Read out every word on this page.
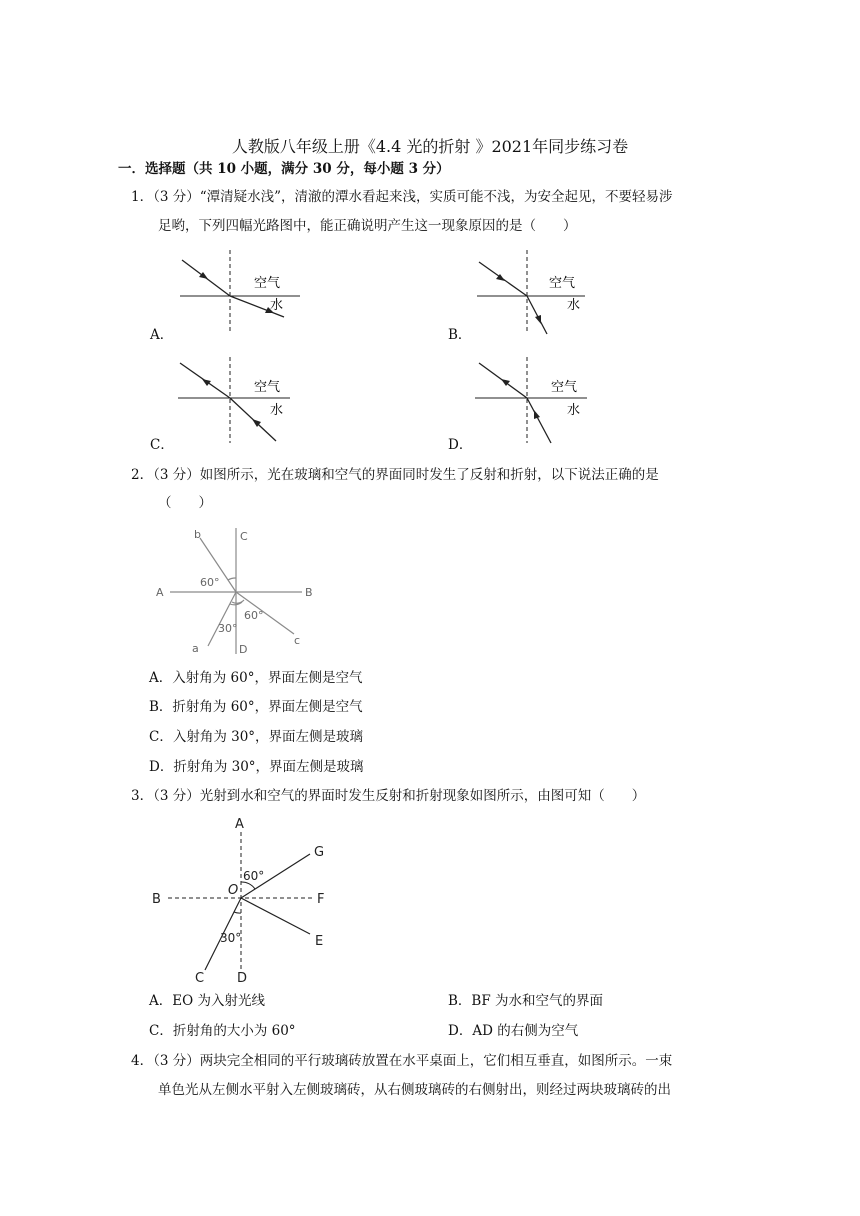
人教版八年级上册《4.4 光的折射 》2021年同步练习卷
一．选择题（共 10 小题，满分 30 分，每小题 3 分）
1．（3 分）“潭清疑水浅”，清澈的潭水看起来浅，实质可能不浅，为安全起见，不要轻易涉
足哟，下列四幅光路图中，能正确说明产生这一现象原因的是（　　）
空气
水
A．
空气
水
B．
空气
水
C．
空气
水
D．
2．（3 分）如图所示，光在玻璃和空气的界面同时发生了反射和折射，以下说法正确的是
（　　）
b	C
A	B
60°
60°
30°
a	D
c
A．入射角为 60°，界面左侧是空气
B．折射角为 60°，界面左侧是空气
C．入射角为 30°，界面左侧是玻璃
D．折射角为 30°，界面左侧是玻璃
3．（3 分）光射到水和空气的界面时发生反射和折射现象如图所示，由图可知（　　）
A
G
60°
O
B	F
E
30°
C	D
A．EO 为入射光线	B．BF 为水和空气的界面
C．折射角的大小为 60°	D．AD 的右侧为空气
4．（3 分）两块完全相同的平行玻璃砖放置在水平桌面上，它们相互垂直，如图所示。一束
单色光从左侧水平射入左侧玻璃砖，从右侧玻璃砖的右侧射出，则经过两块玻璃砖的出
